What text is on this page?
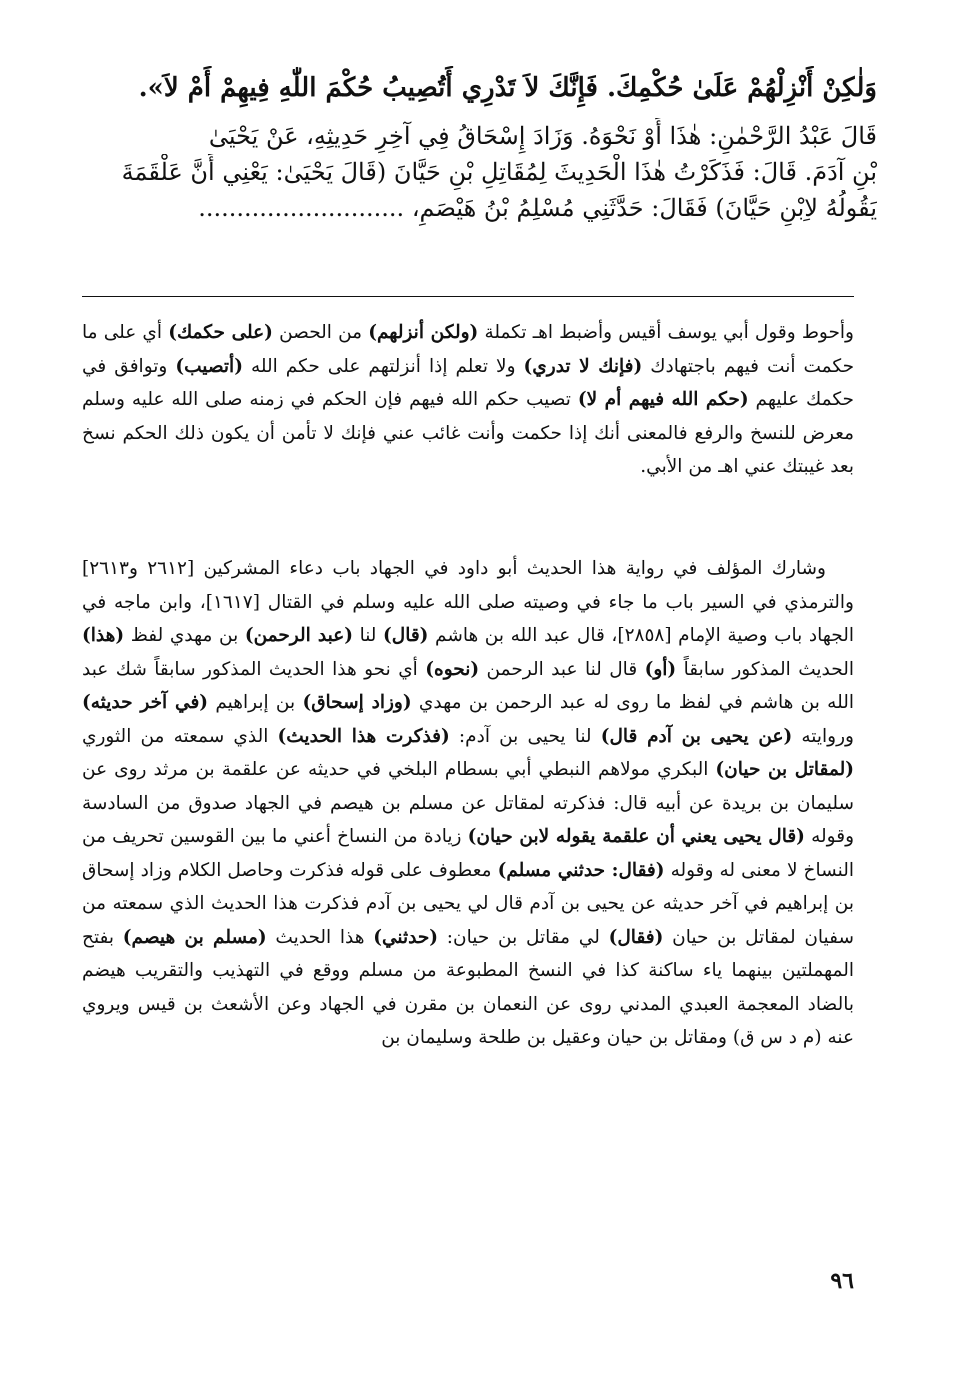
وَلٰكِنْ أَنْزِلْهُمْ عَلَىٰ حُكْمِكَ. فَإِنَّكَ لاَ تَدْرِي أَتُصِيبُ حُكْمَ اللّٰهِ فِيهِمْ أَمْ لاَ».
قَالَ عَبْدُ الرَّحْمٰنِ: هٰذَا أَوْ نَحْوَهُ. وَزَادَ إِسْحَاقُ فِي آخِرِ حَدِيثِهِ، عَنْ يَحْيَىٰ
بْنِ آدَمَ. قَالَ: فَذَكَرْتُ هٰذَا الْحَدِيثَ لِمُقَاتِلِ بْنِ حَيَّانَ (قَالَ يَحْيَىٰ: يَعْنِي أَنَّ عَلْقَمَةَ
يَقُولُهُ لاِبْنِ حَيَّانَ) فَقَالَ: حَدَّثَنِي مُسْلِمُ بْنُ هَيْصَمٍ، ...........................
وأحوط وقول أبي يوسف أقيس وأضبط اهـ تكملة (ولكن أنزلهم) من الحصن (على حكمك) أي على ما حكمت أنت فيهم باجتهادك (فإنك لا تدري) ولا تعلم إذا أنزلتهم على حكم الله (أتصيب) وتوافق في حكمك عليهم (حكم الله فيهم أم لا) تصيب حكم الله فيهم فإن الحكم في زمنه صلى الله عليه وسلم معرض للنسخ والرفع فالمعنى أنك إذا حكمت وأنت غائب عني فإنك لا تأمن أن يكون ذلك الحكم نسخ بعد غيبتك عني اهـ من الأبي.
وشارك المؤلف في رواية هذا الحديث أبو داود في الجهاد باب دعاء المشركين [٢٦١٢ و٢٦١٣] والترمذي في السير باب ما جاء في وصيته صلى الله عليه وسلم في القتال [١٦١٧]، وابن ماجه في الجهاد باب وصية الإمام [٢٨٥٨]، قال عبد الله بن هاشم (قال) لنا (عبد الرحمن) بن مهدي لفظ (هذا) الحديث المذكور سابقاً (أو) قال لنا عبد الرحمن (نحوه) أي نحو هذا الحديث المذكور سابقاً شك عبد الله بن هاشم في لفظ ما روى له عبد الرحمن بن مهدي (وزاد إسحاق) بن إبراهيم (في آخر حديثه) وروايته (عن يحيى بن آدم قال) لنا يحيى بن آدم: (فذكرت هذا الحديث) الذي سمعته من الثوري (لمقاتل بن حيان) البكري مولاهم النبطي أبي بسطام البلخي في حديثه عن علقمة بن مرثد روى عن سليمان بن بريدة عن أبيه قال: فذكرته لمقاتل عن مسلم بن هيصم في الجهاد صدوق من السادسة وقوله (قال يحيى يعني أن علقمة يقوله لابن حيان) زيادة من النساخ أعني ما بين القوسين تحريف من النساخ لا معنى له وقوله (فقال: حدثني مسلم) معطوف على قوله فذكرت وحاصل الكلام وزاد إسحاق بن إبراهيم في آخر حديثه عن يحيى بن آدم قال لي يحيى بن آدم فذكرت هذا الحديث الذي سمعته من سفيان لمقاتل بن حيان (فقال) لي مقاتل بن حيان: (حدثني) هذا الحديث (مسلم بن هيصم) بفتح المهملتين بينهما ياء ساكنة كذا في النسخ المطبوعة من مسلم ووقع في التهذيب والتقريب هيضم بالضاد المعجمة العبدي المدني روى عن النعمان بن مقرن في الجهاد وعن الأشعث بن قيس ويروي عنه (م د س ق) ومقاتل بن حيان وعقيل بن طلحة وسليمان بن
٩٦
